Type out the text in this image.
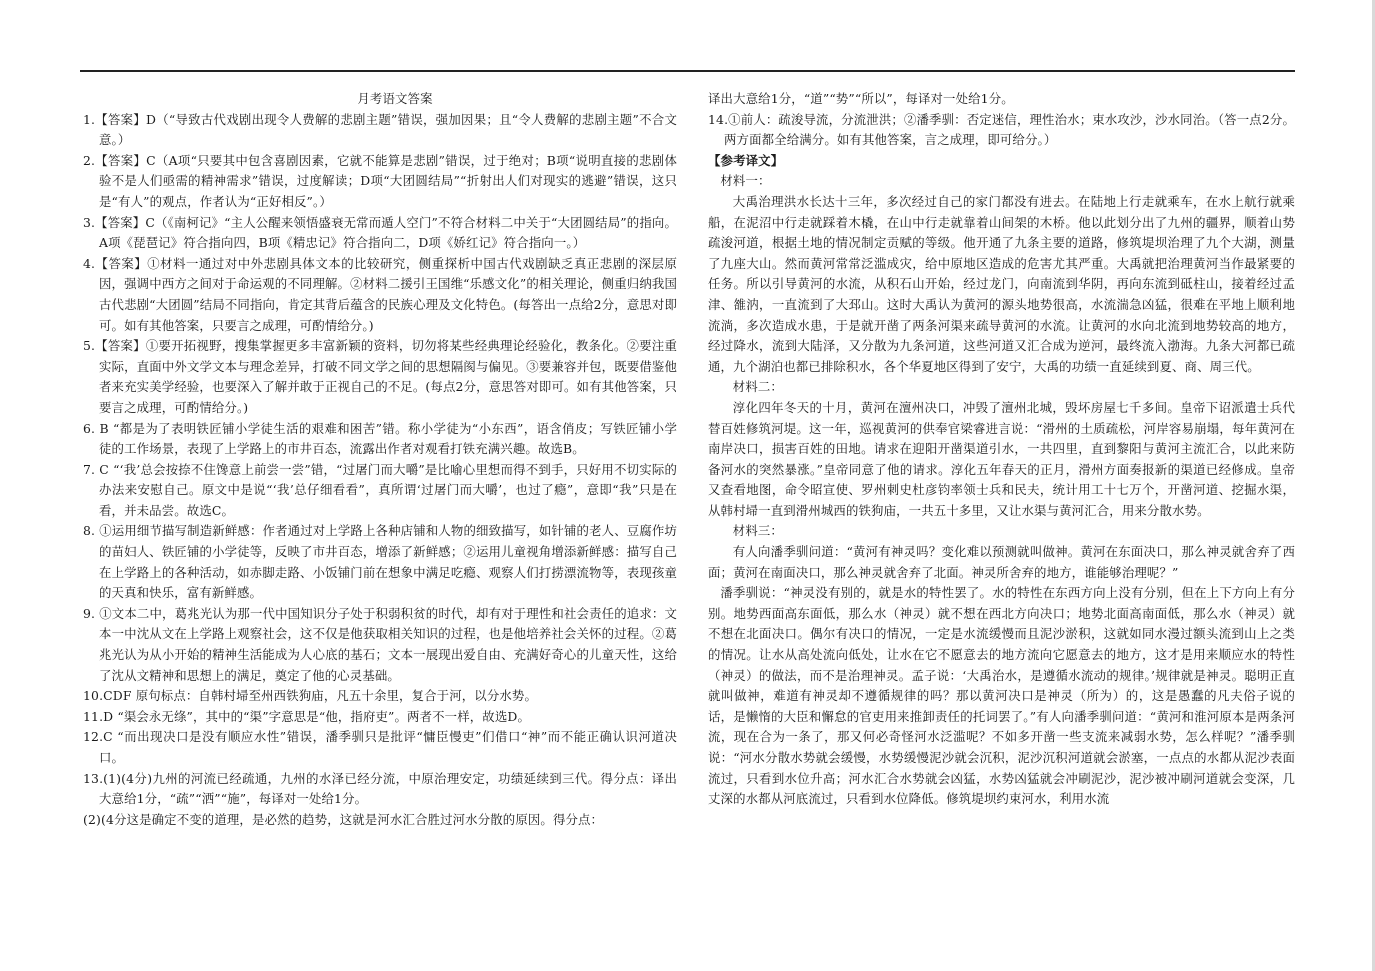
月考语文答案

1.【答案】D（“导致古代戏剧出现令人费解的悲剧主题”错误，强加因果；且“令人费解的悲剧主题”不合文意。）

2.【答案】C（A项“只要其中包含喜剧因素，它就不能算是悲剧”错误，过于绝对；B项“说明直接的悲剧体验不是人们亟需的精神需求”错误，过度解读；D项“大团圆结局”“折射出人们对现实的逃避”错误，这只是“有人”的观点，作者认为“正好相反”。）

3.【答案】C（《南柯记》“主人公醒来领悟盛衰无常而遁人空门”不符合材料二中关于“大团圆结局”的指向。A项《琵琶记》符合指向四，B项《精忠记》符合指向二，D项《娇红记》符合指向一。）

4.【答案】①材料一通过对中外悲剧具体文本的比较研究，侧重探析中国古代戏剧缺乏真正悲剧的深层原因，强调中西方之间对于命运观的不同理解。②材料二援引王国维“乐感文化”的相关理论，侧重归纳我国古代悲剧“大团圆”结局不同指向，肯定其背后蕴含的民族心理及文化特色。(每答出一点给2分，意思对即可。如有其他答案，只要言之成理，可酌情给分。)

5.【答案】①要开拓视野，搜集掌握更多丰富新颖的资料，切勿将某些经典理论经验化，教条化。②要注重实际，直面中外文学文本与理念差异，打破不同文学之间的思想隔阂与偏见。③要兼容并包，既要借鉴他者来充实美学经验，也要深入了解并敢于正视自己的不足。(每点2分，意思答对即可。如有其他答案，只要言之成理，可酌情给分。)

6. B “都是为了表明铁匠铺小学徒生活的艰难和困苦”错。称小学徒为“小东西”，语含俏皮；写铁匠铺小学徒的工作场景，表现了上学路上的市井百态，流露出作者对观看打铁充满兴趣。故选B。

7. C “‘我’总会按捺不住馋意上前尝一尝”错，“过屠门而大嚼”是比喻心里想而得不到手，只好用不切实际的办法来安慰自己。原文中是说“‘我’总仔细看看”，真所谓‘过屠门而大嚼’，也过了瘾”，意即“我”只是在看，并未品尝。故选C。

8. ①运用细节描写制造新鲜感：作者通过对上学路上各种店铺和人物的细致描写，如针铺的老人、豆腐作坊的苗妇人、铁匠铺的小学徒等，反映了市井百态，增添了新鲜感；②运用儿童视角增添新鲜感：描写自己在上学路上的各种活动，如赤脚走路、小饭铺门前在想象中满足吃瘾、观察人们打捞漂流物等，表现孩童的天真和快乐，富有新鲜感。

9. ①文本二中，葛兆光认为那一代中国知识分子处于积弱积贫的时代，却有对于理性和社会责任的追求：文本一中沈从文在上学路上观察社会，这不仅是他获取相关知识的过程，也是他培养社会关怀的过程。②葛兆光认为从小开始的精神生活能成为人心底的基石；文本一展现出爱自由、充满好奇心的儿童天性，这给了沈从文精神和思想上的满足，奠定了他的心灵基础。

10.CDF 原句标点：自韩村埽至州西铁狗庙，凡五十余里，复合于河，以分水势。

11.D “渠会永无绦”，其中的“渠”字意思是“他，指府吏”。两者不一样，故选D。

12.C “而出现决口是没有顺应水性”错误，潘季驯只是批评“慵臣慢吏”们借口“神”而不能正确认识河道决口。

13.(1)(4分)九州的河流已经疏通，九州的水泽已经分流，中原治理安定，功绩延续到三代。得分点：译出大意给1分，“疏”“洒”“施”，每译对一处给1分。

(2)(4分这是确定不变的道理，是必然的趋势，这就是河水汇合胜过河水分散的原因。得分点：

译出大意给1分，“道”“势”“所以”，每译对一处给1分。

14.①前人：疏浚导流，分流泄洪；②潘季驯：否定迷信，理性治水；束水攻沙，沙水同治。（答一点2分。两方面都全给满分。如有其他答案，言之成理，即可给分。）

【参考译文】

材料一：

大禹治理洪水长达十三年，多次经过自己的家门都没有进去。在陆地上行走就乘车，在水上航行就乘船，在泥沼中行走就踩着木橇，在山中行走就靠着山间架的木桥。他以此划分出了九州的疆界，顺着山势疏浚河道，根据土地的情况制定贡赋的等级。他开通了九条主要的道路，修筑堤坝治理了九个大湖，测量了九座大山。然而黄河常常泛滥成灾，给中原地区造成的危害尤其严重。大禹就把治理黄河当作最紧要的任务。所以引导黄河的水流，从积石山开始，经过龙门，向南流到华阴，再向东流到砥柱山，接着经过孟津、雒汭，一直流到了大邳山。这时大禹认为黄河的源头地势很高，水流湍急凶猛，很难在平地上顺利地流淌，多次造成水患，于是就开凿了两条河渠来疏导黄河的水流。让黄河的水向北流到地势较高的地方，经过降水，流到大陆泽，又分散为九条河道，这些河道又汇合成为逆河，最终流入渤海。九条大河都已疏通，九个湖泊也都已排除积水，各个华夏地区得到了安宁，大禹的功绩一直延续到夏、商、周三代。

材料二：

淳化四年冬天的十月，黄河在澶州决口，冲毁了澶州北城，毁坏房屋七千多间。皇帝下诏派遣士兵代替百姓修筑河堤。这一年，巡视黄河的供奉官梁睿进言说：“滑州的土质疏松，河岸容易崩塌，每年黄河在南岸决口，损害百姓的田地。请求在迎阳开凿渠道引水，一共四里，直到黎阳与黄河主流汇合，以此来防备河水的突然暴涨。”皇帝同意了他的请求。淳化五年春天的正月，滑州方面奏报新的渠道已经修成。皇帝又查看地图，命令昭宣使、罗州刺史杜彦钧率领士兵和民夫，统计用工十七万个，开凿河道、挖掘水渠，从韩村埽一直到滑州城西的铁狗庙，一共五十多里，又让水渠与黄河汇合，用来分散水势。

材料三：

有人向潘季驯问道：“黄河有神灵吗？变化难以预测就叫做神。黄河在东面决口，那么神灵就舍弃了西面；黄河在南面决口，那么神灵就舍弃了北面。神灵所舍弃的地方，谁能够治理呢？”

潘季驯说：“神灵没有别的，就是水的特性罢了。水的特性在东西方向上没有分别，但在上下方向上有分别。地势西面高东面低，那么水（神灵）就不想在西北方向决口；地势北面高南面低，那么水（神灵）就不想在北面决口。偶尔有决口的情况，一定是水流缓慢而且泥沙淤积，这就如同水漫过额头流到山上之类的情况。让水从高处流向低处，让水在它不愿意去的地方流向它愿意去的地方，这才是用来顺应水的特性（神灵）的做法，而不是治理神灵。孟子说：‘大禹治水，是遵循水流动的规律。’规律就是神灵。聪明正直就叫做神，难道有神灵却不遵循规律的吗？那以黄河决口是神灵（所为）的，这是愚蠢的凡夫俗子说的话，是懒惰的大臣和懈怠的官吏用来推卸责任的托词罢了。”有人向潘季驯问道：“黄河和淮河原本是两条河流，现在合为一条了，那又何必奇怪河水泛滥呢？不如多开凿一些支流来减弱水势，怎么样呢？”潘季驯说：“河水分散水势就会缓慢，水势缓慢泥沙就会沉积，泥沙沉积河道就会淤塞，一点点的水都从泥沙表面流过，只看到水位升高；河水汇合水势就会凶猛，水势凶猛就会冲刷泥沙，泥沙被冲刷河道就会变深，几丈深的水都从河底流过，只看到水位降低。修筑堤坝约束河水，利用水流
